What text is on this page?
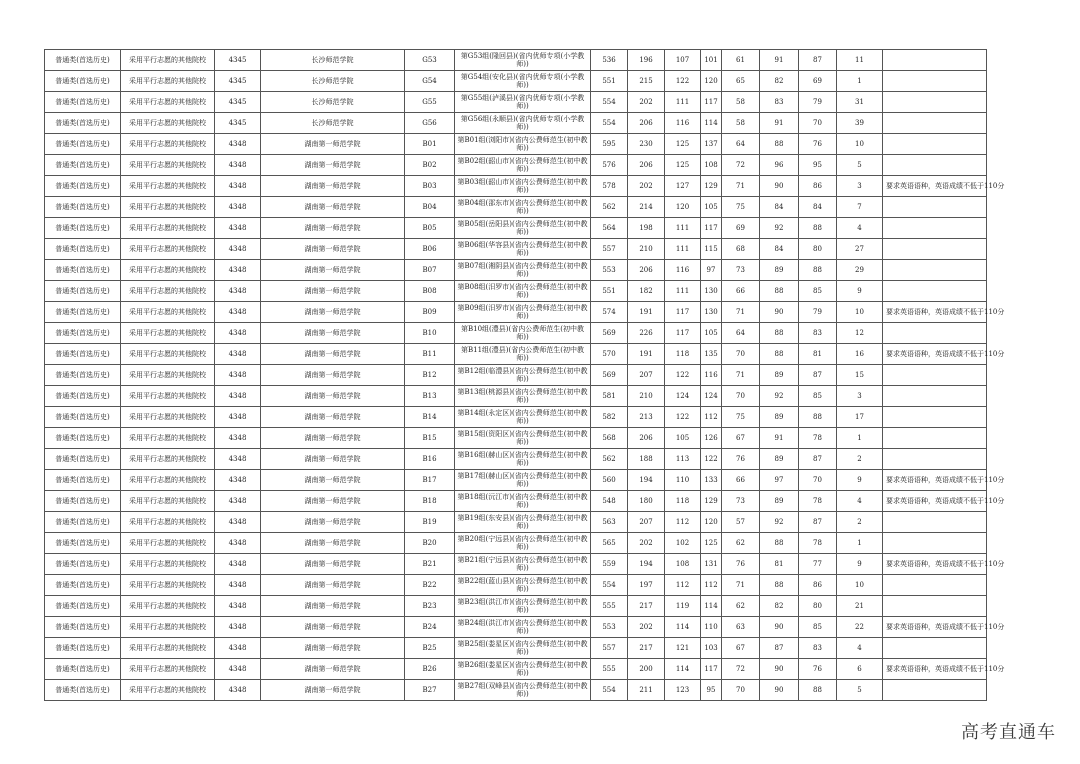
普通类(首选历史)	采用平行志愿的其他院校	4345	长沙师范学院	G53	第G53组(隆回县)(省内优师专项(小学教师))	536	196	107	101	61	91	87	11	
普通类(首选历史)	采用平行志愿的其他院校	4345	长沙师范学院	G54	第G54组(安化县)(省内优师专项(小学教师))	551	215	122	120	65	82	69	1	
普通类(首选历史)	采用平行志愿的其他院校	4345	长沙师范学院	G55	第G55组(泸溪县)(省内优师专项(小学教师))	554	202	111	117	58	83	79	31	
普通类(首选历史)	采用平行志愿的其他院校	4345	长沙师范学院	G56	第G56组(永顺县)(省内优师专项(小学教师))	554	206	116	114	58	91	70	39	
普通类(首选历史)	采用平行志愿的其他院校	4348	湖南第一师范学院	B01	第B01组(浏阳市)(省内公费师范生(初中教师))	595	230	125	137	64	88	76	10	
普通类(首选历史)	采用平行志愿的其他院校	4348	湖南第一师范学院	B02	第B02组(韶山市)(省内公费师范生(初中教师))	576	206	125	108	72	96	95	5	
普通类(首选历史)	采用平行志愿的其他院校	4348	湖南第一师范学院	B03	第B03组(韶山市)(省内公费师范生(初中教师))	578	202	127	129	71	90	86	3	要求英语语种，英语成绩不低于110分
普通类(首选历史)	采用平行志愿的其他院校	4348	湖南第一师范学院	B04	第B04组(邵东市)(省内公费师范生(初中教师))	562	214	120	105	75	84	84	7	
普通类(首选历史)	采用平行志愿的其他院校	4348	湖南第一师范学院	B05	第B05组(岳阳县)(省内公费师范生(初中教师))	564	198	111	117	69	92	88	4	
普通类(首选历史)	采用平行志愿的其他院校	4348	湖南第一师范学院	B06	第B06组(华容县)(省内公费师范生(初中教师))	557	210	111	115	68	84	80	27	
普通类(首选历史)	采用平行志愿的其他院校	4348	湖南第一师范学院	B07	第B07组(湘阴县)(省内公费师范生(初中教师))	553	206	116	97	73	89	88	29	
普通类(首选历史)	采用平行志愿的其他院校	4348	湖南第一师范学院	B08	第B08组(汨罗市)(省内公费师范生(初中教师))	551	182	111	130	66	88	85	9	
普通类(首选历史)	采用平行志愿的其他院校	4348	湖南第一师范学院	B09	第B09组(汨罗市)(省内公费师范生(初中教师))	574	191	117	130	71	90	79	10	要求英语语种，英语成绩不低于110分
普通类(首选历史)	采用平行志愿的其他院校	4348	湖南第一师范学院	B10	第B10组(澧县)(省内公费师范生(初中教师))	569	226	117	105	64	88	83	12	
普通类(首选历史)	采用平行志愿的其他院校	4348	湖南第一师范学院	B11	第B11组(澧县)(省内公费师范生(初中教师))	570	191	118	135	70	88	81	16	要求英语语种，英语成绩不低于110分
普通类(首选历史)	采用平行志愿的其他院校	4348	湖南第一师范学院	B12	第B12组(临澧县)(省内公费师范生(初中教师))	569	207	122	116	71	89	87	15	
普通类(首选历史)	采用平行志愿的其他院校	4348	湖南第一师范学院	B13	第B13组(桃源县)(省内公费师范生(初中教师))	581	210	124	124	70	92	85	3	
普通类(首选历史)	采用平行志愿的其他院校	4348	湖南第一师范学院	B14	第B14组(永定区)(省内公费师范生(初中教师))	582	213	122	112	75	89	88	17	
普通类(首选历史)	采用平行志愿的其他院校	4348	湖南第一师范学院	B15	第B15组(资阳区)(省内公费师范生(初中教师))	568	206	105	126	67	91	78	1	
普通类(首选历史)	采用平行志愿的其他院校	4348	湖南第一师范学院	B16	第B16组(赫山区)(省内公费师范生(初中教师))	562	188	113	122	76	89	87	2	
普通类(首选历史)	采用平行志愿的其他院校	4348	湖南第一师范学院	B17	第B17组(赫山区)(省内公费师范生(初中教师))	560	194	110	133	66	97	70	9	要求英语语种，英语成绩不低于110分
普通类(首选历史)	采用平行志愿的其他院校	4348	湖南第一师范学院	B18	第B18组(沅江市)(省内公费师范生(初中教师))	548	180	118	129	73	89	78	4	要求英语语种，英语成绩不低于110分
普通类(首选历史)	采用平行志愿的其他院校	4348	湖南第一师范学院	B19	第B19组(东安县)(省内公费师范生(初中教师))	563	207	112	120	57	92	87	2	
普通类(首选历史)	采用平行志愿的其他院校	4348	湖南第一师范学院	B20	第B20组(宁远县)(省内公费师范生(初中教师))	565	202	102	125	62	88	78	1	
普通类(首选历史)	采用平行志愿的其他院校	4348	湖南第一师范学院	B21	第B21组(宁远县)(省内公费师范生(初中教师))	559	194	108	131	76	81	77	9	要求英语语种，英语成绩不低于110分
普通类(首选历史)	采用平行志愿的其他院校	4348	湖南第一师范学院	B22	第B22组(蓝山县)(省内公费师范生(初中教师))	554	197	112	112	71	88	86	10	
普通类(首选历史)	采用平行志愿的其他院校	4348	湖南第一师范学院	B23	第B23组(洪江市)(省内公费师范生(初中教师))	555	217	119	114	62	82	80	21	
普通类(首选历史)	采用平行志愿的其他院校	4348	湖南第一师范学院	B24	第B24组(洪江市)(省内公费师范生(初中教师))	553	202	114	110	63	90	85	22	要求英语语种，英语成绩不低于110分
普通类(首选历史)	采用平行志愿的其他院校	4348	湖南第一师范学院	B25	第B25组(娄星区)(省内公费师范生(初中教师))	557	217	121	103	67	87	83	4	
普通类(首选历史)	采用平行志愿的其他院校	4348	湖南第一师范学院	B26	第B26组(娄星区)(省内公费师范生(初中教师))	555	200	114	117	72	90	76	6	要求英语语种，英语成绩不低于110分
普通类(首选历史)	采用平行志愿的其他院校	4348	湖南第一师范学院	B27	第B27组(双峰县)(省内公费师范生(初中教师))	554	211	123	95	70	90	88	5	
高考直通车
